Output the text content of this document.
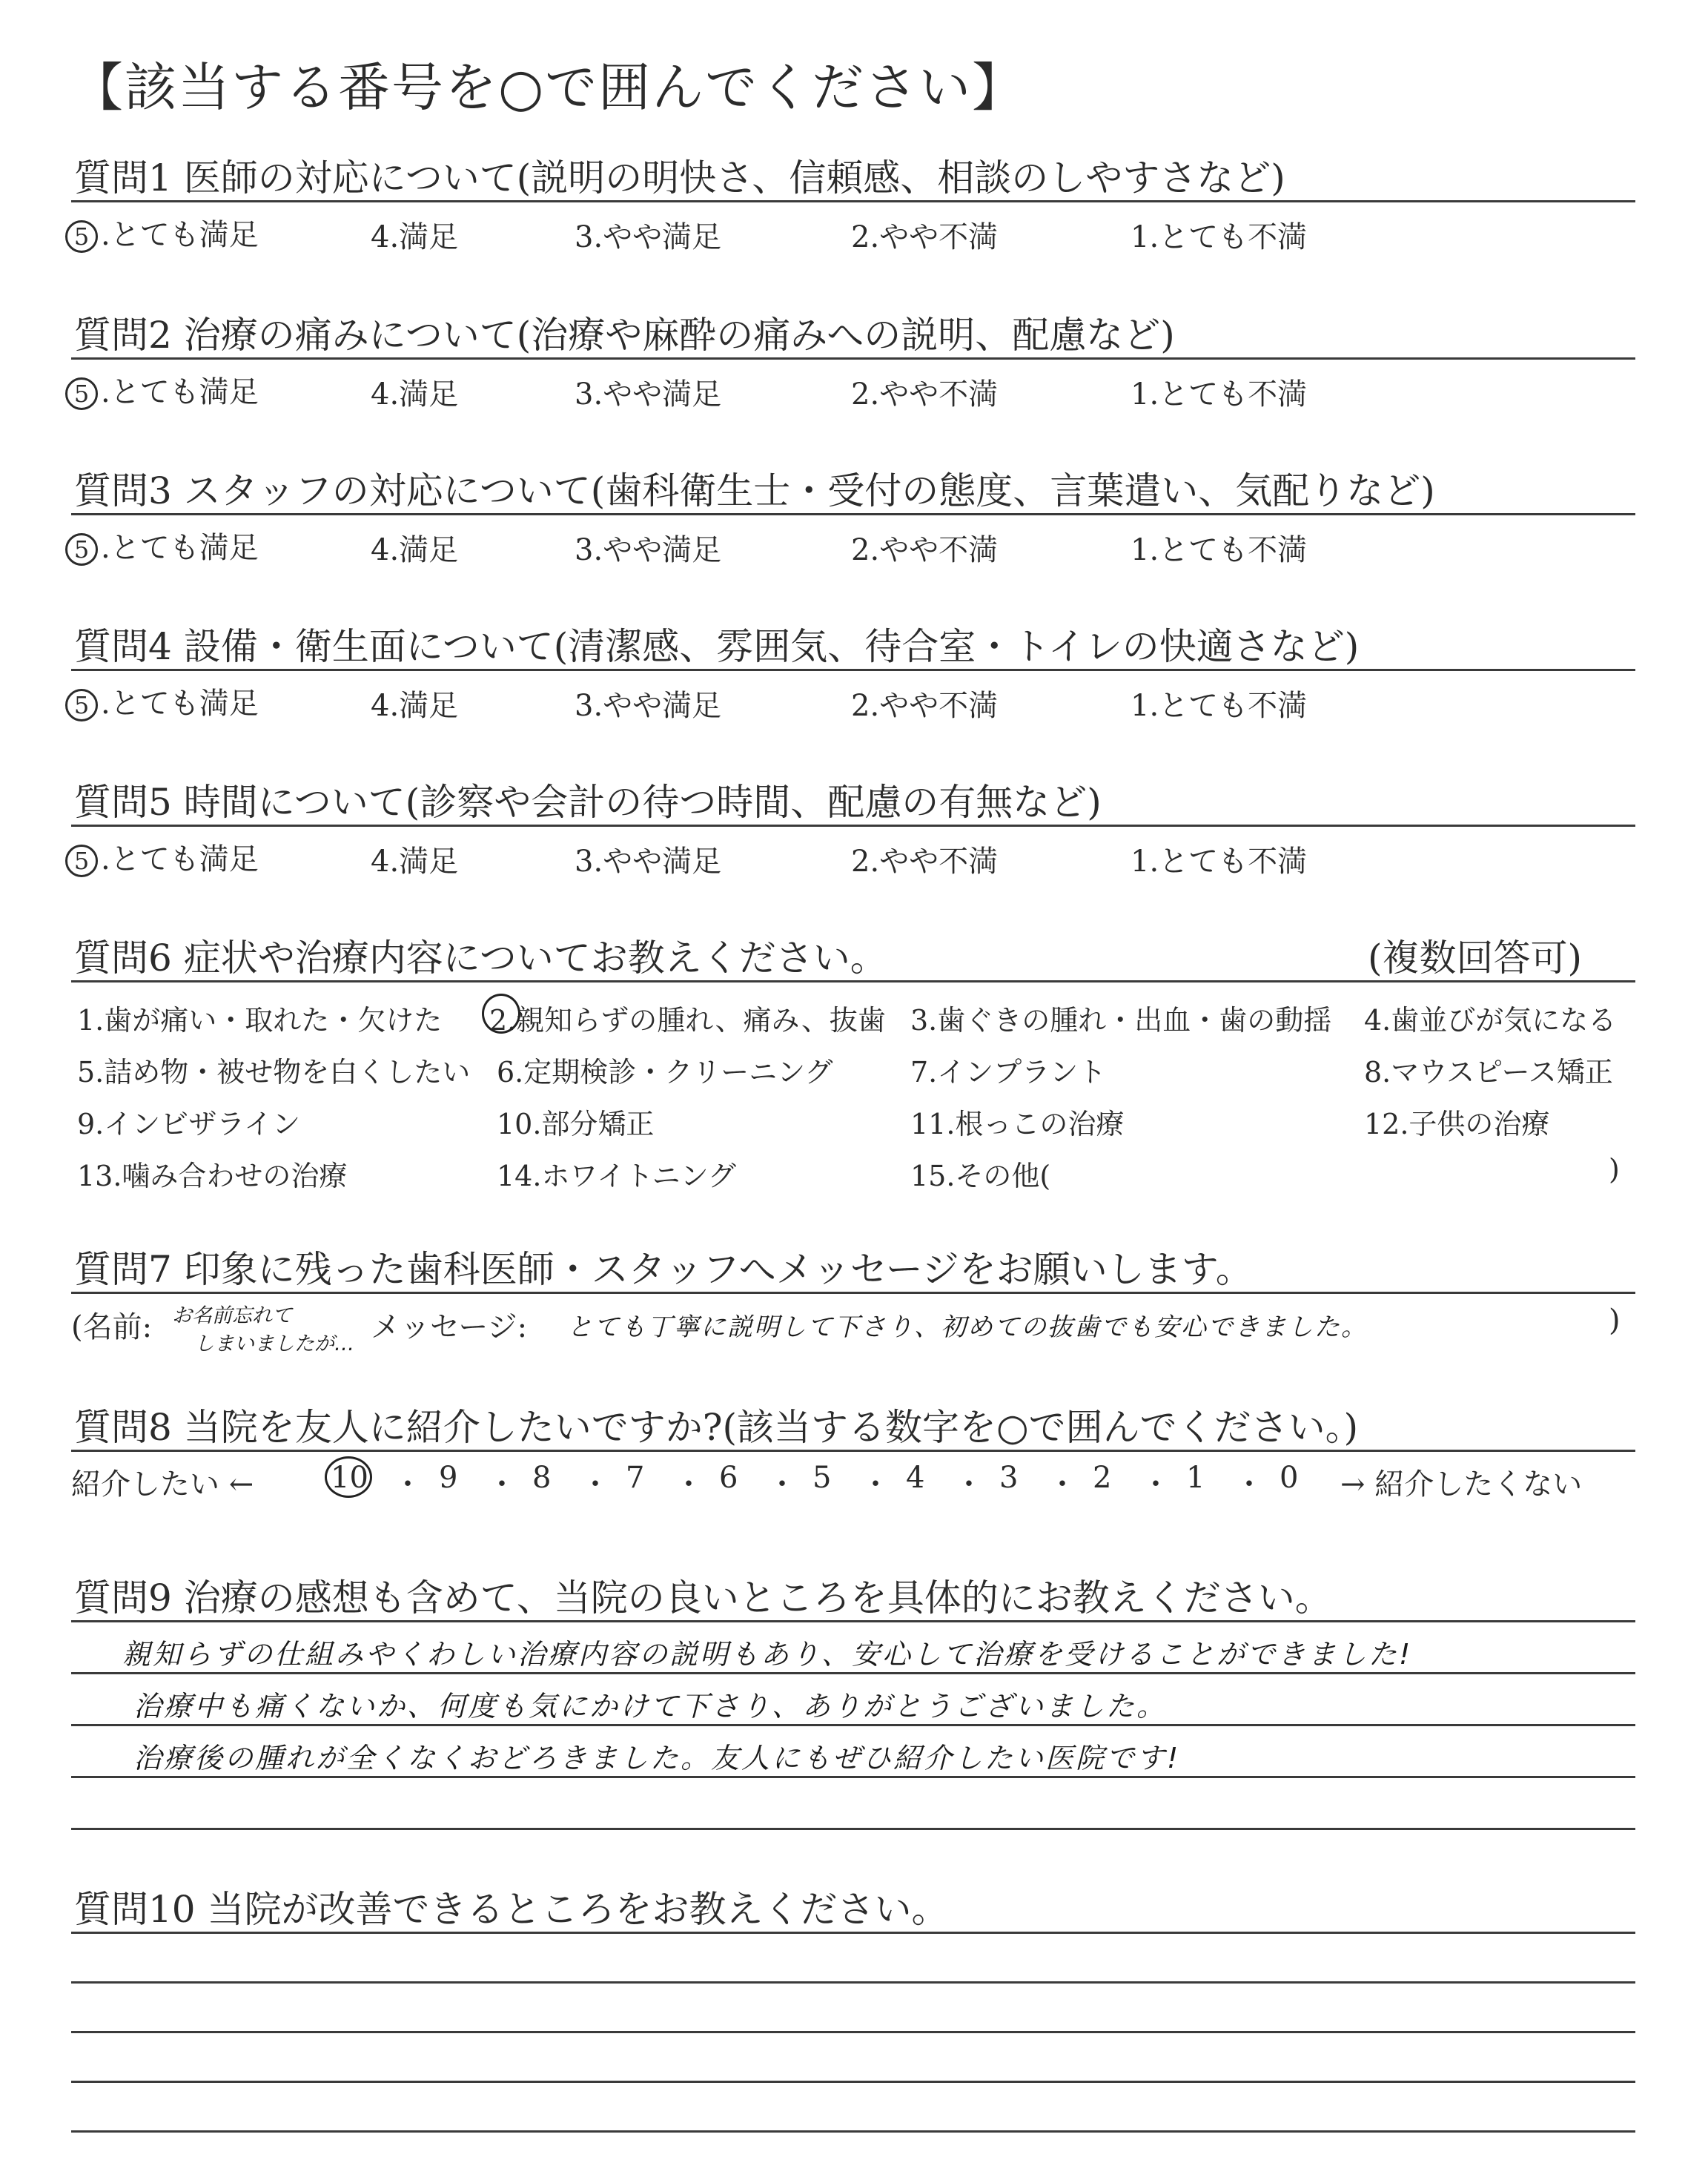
【該当する番号を○で囲んでください】
質問1 医師の対応について(説明の明快さ、信頼感、相談のしやすさなど)
5 .とても満足	4.満足	3.やや満足	2.やや不満	1.とても不満
質問2 治療の痛みについて(治療や麻酔の痛みへの説明、配慮など)
5 .とても満足	4.満足	3.やや満足	2.やや不満	1.とても不満
質問3 スタッフの対応について(歯科衛生士・受付の態度、言葉遣い、気配りなど)
5 .とても満足	4.満足	3.やや満足	2.やや不満	1.とても不満
質問4 設備・衛生面について(清潔感、雰囲気、待合室・トイレの快適さなど)
5 .とても満足	4.満足	3.やや満足	2.やや不満	1.とても不満
質問5 時間について(診察や会計の待つ時間、配慮の有無など)
5 .とても満足	4.満足	3.やや満足	2.やや不満	1.とても不満
質問6 症状や治療内容についてお教えください。	(複数回答可)
1.歯が痛い・取れた・欠けた 2.親知らずの腫れ、痛み、抜歯 3.歯ぐきの腫れ・出血・歯の動揺 4.歯並びが気になる
5.詰め物・被せ物を白くしたい 6.定期検診・クリーニング	7.インプラント	8.マウスピース矯正
9.インビザライン	10.部分矯正	11.根っこの治療	12.子供の治療
13.噛み合わせの治療	14.ホワイトニング	15.その他(	)
質問7 印象に残った歯科医師・スタッフへメッセージをお願いします。
(名前: お名前忘れて
しまいましたが… メッセージ: とても丁寧に説明して下さり、初めての抜歯でも安心できました。	)
質問8 当院を友人に紹介したいですか?(該当する数字を○で囲んでください。)
紹介したい ←	10 ・ 9 ・ 8 ・ 7 ・ 6 ・ 5 ・ 4 ・ 3 ・ 2 ・ 1 ・ 0 → 紹介したくない
質問9 治療の感想も含めて、当院の良いところを具体的にお教えください。
親知らずの仕組みやくわしい治療内容の説明もあり、安心して治療を受けることができました!
治療中も痛くないか、何度も気にかけて下さり、ありがとうございました。
治療後の腫れが全くなくおどろきました。友人にもぜひ紹介したい医院です!
質問10 当院が改善できるところをお教えください。
